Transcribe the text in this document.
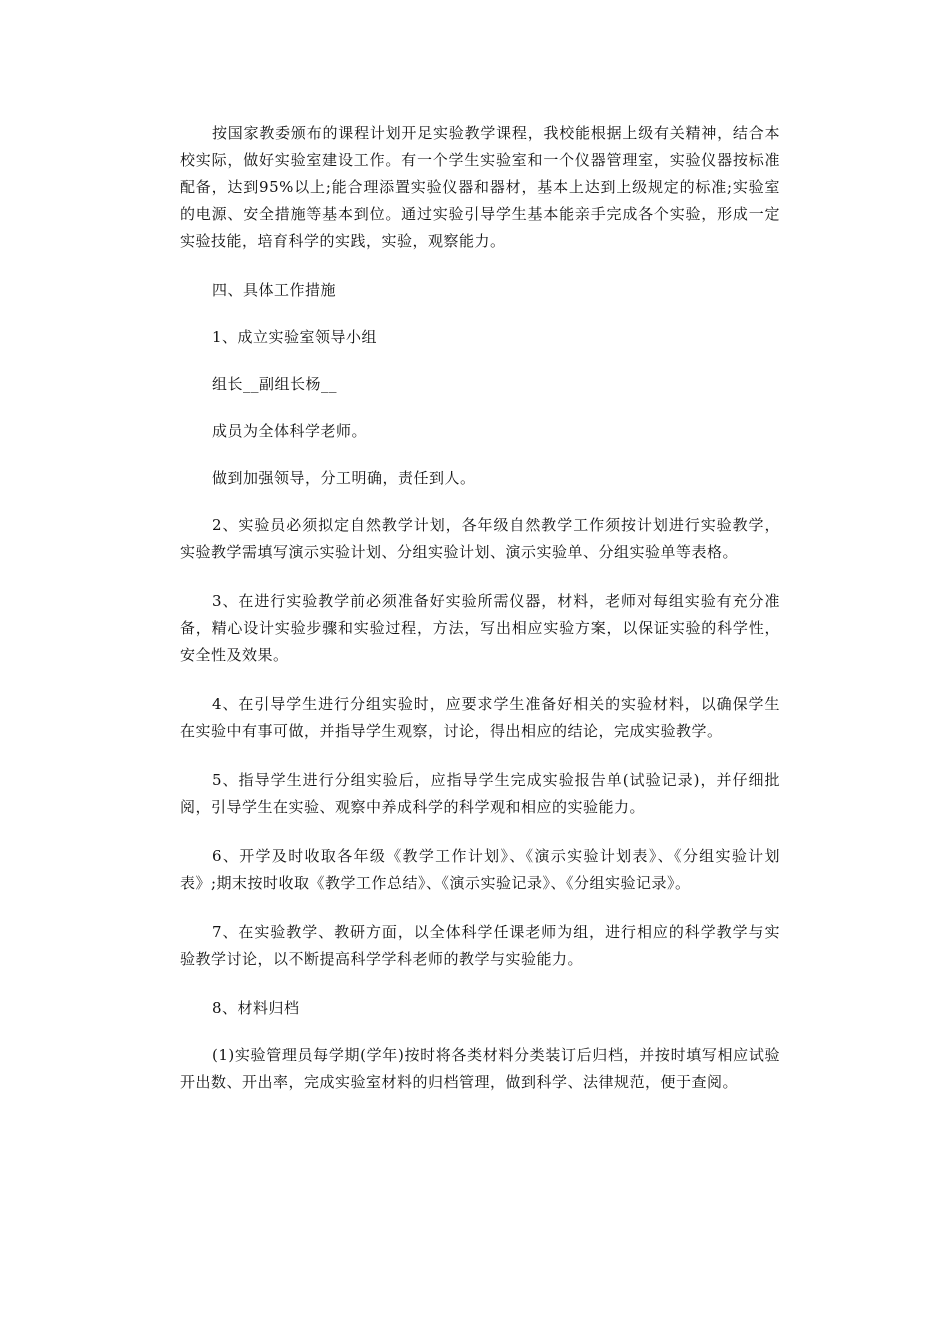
按国家教委颁布的课程计划开足实验教学课程，我校能根据上级有关精神，结合本校实际，做好实验室建设工作。有一个学生实验室和一个仪器管理室，实验仪器按标准配备，达到95%以上;能合理添置实验仪器和器材，基本上达到上级规定的标准;实验室的电源、安全措施等基本到位。通过实验引导学生基本能亲手完成各个实验，形成一定实验技能，培育科学的实践，实验，观察能力。

四、具体工作措施

1、成立实验室领导小组

组长__副组长杨__

成员为全体科学老师。

做到加强领导，分工明确，责任到人。

2、实验员必须拟定自然教学计划，各年级自然教学工作须按计划进行实验教学，实验教学需填写演示实验计划、分组实验计划、演示实验单、分组实验单等表格。

3、在进行实验教学前必须准备好实验所需仪器，材料，老师对每组实验有充分准备，精心设计实验步骤和实验过程，方法，写出相应实验方案，以保证实验的科学性，安全性及效果。

4、在引导学生进行分组实验时，应要求学生准备好相关的实验材料，以确保学生在实验中有事可做，并指导学生观察，讨论，得出相应的结论，完成实验教学。

5、指导学生进行分组实验后，应指导学生完成实验报告单(试验记录)，并仔细批阅，引导学生在实验、观察中养成科学的科学观和相应的实验能力。

6、开学及时收取各年级《教学工作计划》、《演示实验计划表》、《分组实验计划表》;期末按时收取《教学工作总结》、《演示实验记录》、《分组实验记录》。

7、在实验教学、教研方面，以全体科学任课老师为组，进行相应的科学教学与实验教学讨论，以不断提高科学学科老师的教学与实验能力。

8、材料归档

(1)实验管理员每学期(学年)按时将各类材料分类装订后归档，并按时填写相应试验开出数、开出率，完成实验室材料的归档管理，做到科学、法律规范，便于查阅。
